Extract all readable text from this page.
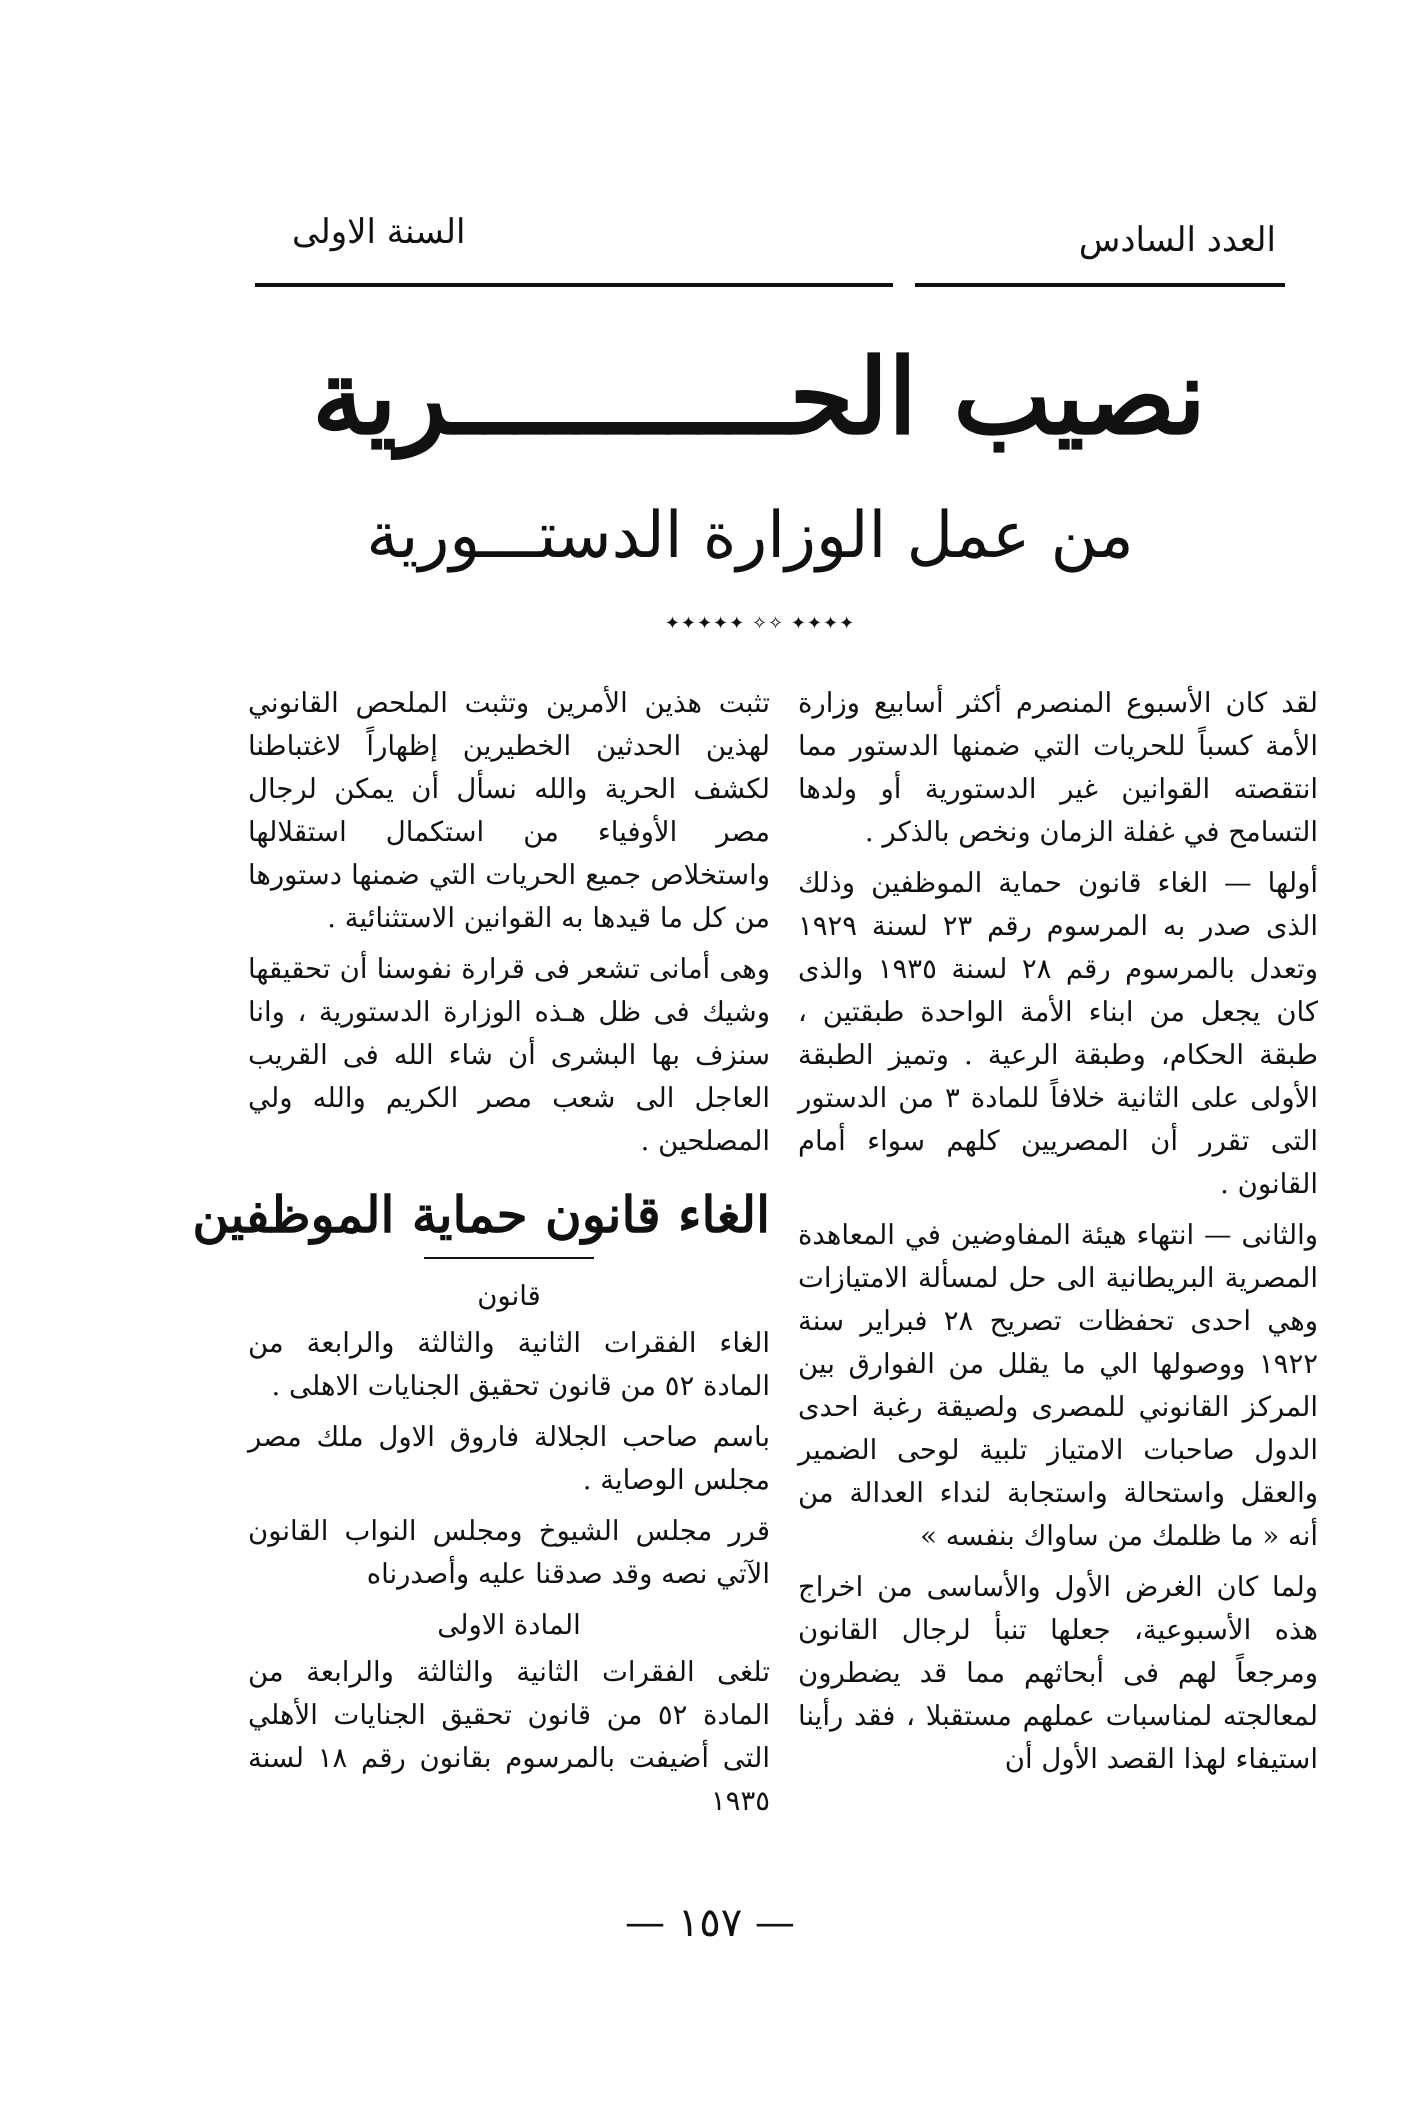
العدد السادس
السنة الاولى
نصيب الحـــــــــــرية
من عمل الوزارة الدستـــورية
✦✦✦✦✦ ✧✧ ✦✦✦✦

لقد كان الأسبوع المنصرم أكثر أسابيع وزارة الأمة كسباً للحريات التي ضمنها الدستور مما انتقصته القوانين غير الدستورية أو ولدها التسامح في غفلة الزمان ونخص بالذكر .

أولها — الغاء قانون حماية الموظفين وذلك الذى صدر به المرسوم رقم ٢٣ لسنة ١٩٢٩ وتعدل بالمرسوم رقم ٢٨ لسنة ١٩٣٥ والذى كان يجعل من ابناء الأمة الواحدة طبقتين ، طبقة الحكام، وطبقة الرعية . وتميز الطبقة الأولى على الثانية خلافاً للمادة ٣ من الدستور التى تقرر أن المصريين كلهم سواء أمام القانون .

والثانى — انتهاء هيئة المفاوضين في المعاهدة المصرية البريطانية الى حل لمسألة الامتيازات وهي احدى تحفظات تصريح ٢٨ فبراير سنة ١٩٢٢ ووصولها الي ما يقلل من الفوارق بين المركز القانوني للمصرى ولصيقة رغبة احدى الدول صاحبات الامتياز تلبية لوحى الضمير والعقل واستحالة واستجابة لنداء العدالة من أنه « ما ظلمك من ساواك بنفسه »

ولما كان الغرض الأول والأساسى من اخراج هذه الأسبوعية، جعلها تنبأ لرجال القانون ومرجعاً لهم فى أبحاثهم مما قد يضطرون لمعالجته لمناسبات عملهم مستقبلا ، فقد رأينا استيفاء لهذا القصد الأول أن

تثبت هذين الأمرين وتثبت الملحص القانوني لهذين الحدثين الخطيرين إظهاراً لاغتباطنا لكشف الحرية والله نسأل أن يمكن لرجال مصر الأوفياء من استكمال استقلالها واستخلاص جميع الحريات التي ضمنها دستورها من كل ما قيدها به القوانين الاستثنائية .

وهى أمانى تشعر فى قرارة نفوسنا أن تحقيقها وشيك فى ظل هـذه الوزارة الدستورية ، وانا سنزف بها البشرى أن شاء الله فى القريب العاجل الى شعب مصر الكريم والله ولي المصلحين .

الغاء قانون حماية الموظفين
قانون

الغاء الفقرات الثانية والثالثة والرابعة من المادة ٥٢ من قانون تحقيق الجنايات الاهلى .

باسم صاحب الجلالة فاروق الاول ملك مصر مجلس الوصاية .

قرر مجلس الشيوخ ومجلس النواب القانون الآتي نصه وقد صدقنا عليه وأصدرناه

المادة الاولى

تلغى الفقرات الثانية والثالثة والرابعة من المادة ٥٢ من قانون تحقيق الجنايات الأهلي التى أضيفت بالمرسوم بقانون رقم ١٨ لسنة ١٩٣٥

— ١٥٧ —
